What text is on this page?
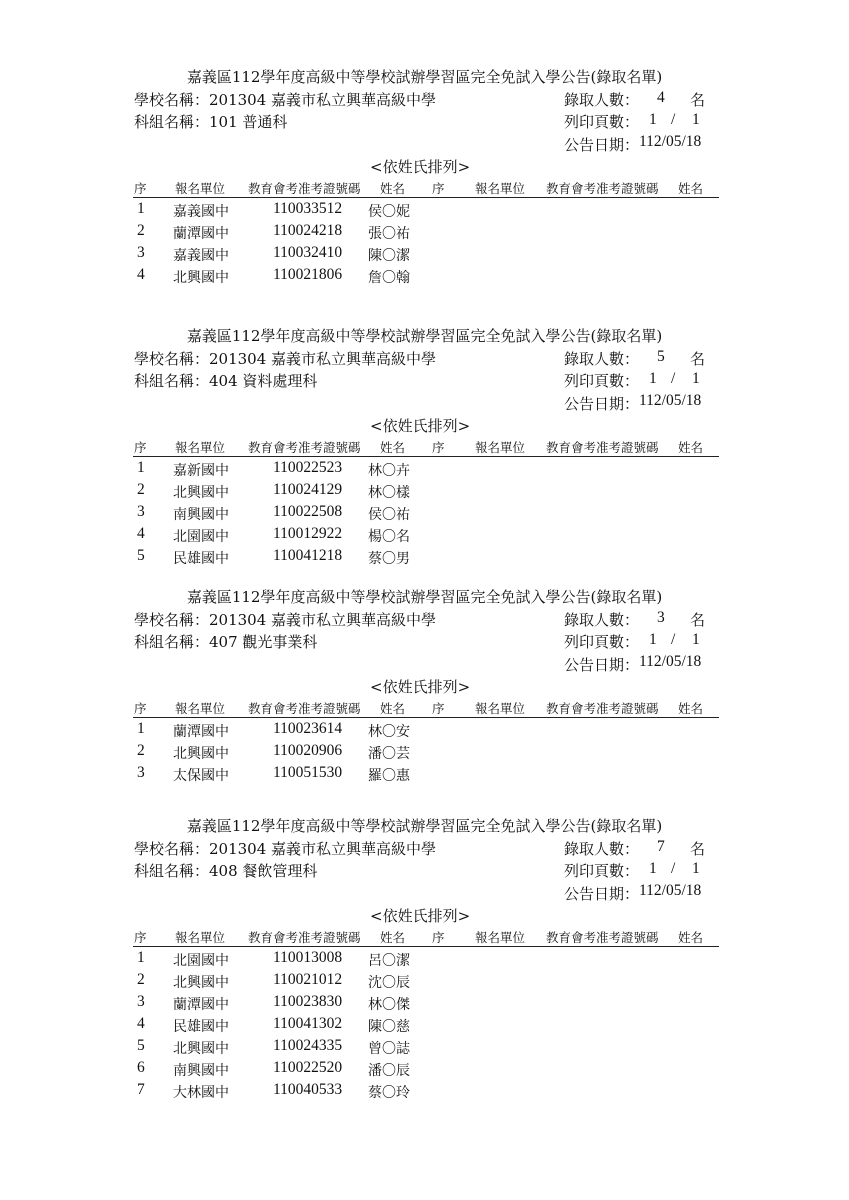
嘉義區112學年度高級中等學校試辦學習區完全免試入學公告(錄取名單)
學校名稱： 201304 嘉義市私立興華高級中學	錄取人數： 4 名
科組名稱： 101 普通科	列印頁數： 1 / 1
公告日期： 112/05/18
<依姓氏排列>
序 報名單位 教育會考准考證號碼 姓名 序 報名單位 教育會考准考證號碼 姓名
1 嘉義國中	110033512 侯〇妮
2 蘭潭國中	110024218 張〇祐
3 嘉義國中	110032410 陳〇潔
4 北興國中	110021806 詹〇翰
嘉義區112學年度高級中等學校試辦學習區完全免試入學公告(錄取名單)
學校名稱： 201304 嘉義市私立興華高級中學	錄取人數： 5 名
科組名稱： 404 資料處理科	列印頁數： 1 / 1
公告日期： 112/05/18
<依姓氏排列>
序 報名單位 教育會考准考證號碼 姓名 序 報名單位 教育會考准考證號碼 姓名
1 嘉新國中	110022523 林〇卉
2 北興國中	110024129 林〇樣
3 南興國中	110022508 侯〇祐
4 北園國中	110012922 楊〇名
5 民雄國中	110041218 蔡〇男
嘉義區112學年度高級中等學校試辦學習區完全免試入學公告(錄取名單)
學校名稱： 201304 嘉義市私立興華高級中學	錄取人數： 3 名
科組名稱： 407 觀光事業科	列印頁數： 1 / 1
公告日期： 112/05/18
<依姓氏排列>
序 報名單位 教育會考准考證號碼 姓名 序 報名單位 教育會考准考證號碼 姓名
1 蘭潭國中	110023614 林〇安
2 北興國中	110020906 潘〇芸
3 太保國中	110051530 羅〇惠
嘉義區112學年度高級中等學校試辦學習區完全免試入學公告(錄取名單)
學校名稱： 201304 嘉義市私立興華高級中學	錄取人數： 7 名
科組名稱： 408 餐飲管理科	列印頁數： 1 / 1
公告日期： 112/05/18
<依姓氏排列>
序 報名單位 教育會考准考證號碼 姓名 序 報名單位 教育會考准考證號碼 姓名
1 北園國中	110013008 呂〇潔
2 北興國中	110021012 沈〇辰
3 蘭潭國中	110023830 林〇傑
4 民雄國中	110041302 陳〇慈
5 北興國中	110024335 曾〇誌
6 南興國中	110022520 潘〇辰
7 大林國中	110040533 蔡〇玲
